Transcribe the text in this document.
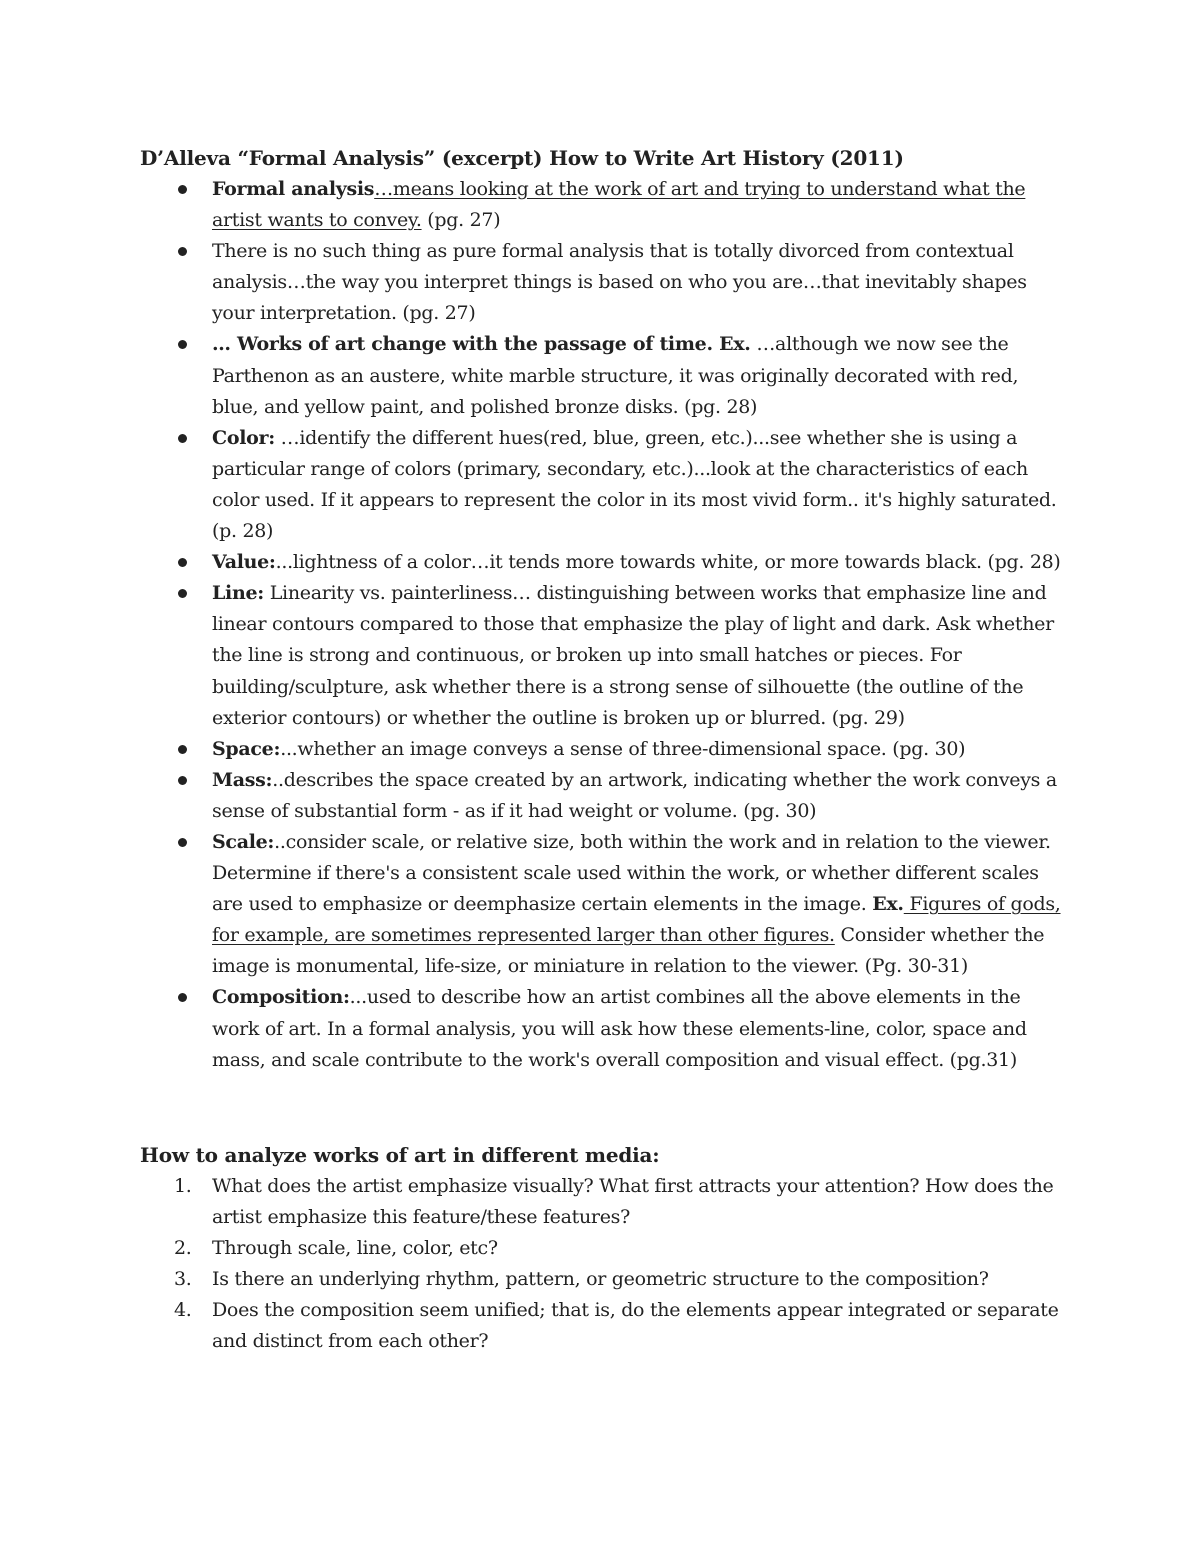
D’Alleva “Formal Analysis” (excerpt) How to Write Art History (2011)
Formal analysis…means looking at the work of art and trying to understand what the artist wants to convey. (pg. 27)
There is no such thing as pure formal analysis that is totally divorced from contextual analysis…the way you interpret things is based on who you are…that inevitably shapes your interpretation. (pg. 27)
… Works of art change with the passage of time. Ex. …although we now see the Parthenon as an austere, white marble structure, it was originally decorated with red, blue, and yellow paint, and polished bronze disks. (pg. 28)
Color: …identify the different hues(red, blue, green, etc.)...see whether she is using a particular range of colors (primary, secondary, etc.)...look at the characteristics of each color used. If it appears to represent the color in its most vivid form.. it's highly saturated. (p. 28)
Value:...lightness of a color…it tends more towards white, or more towards black. (pg. 28)
Line: Linearity vs. painterliness… distinguishing between works that emphasize line and linear contours compared to those that emphasize the play of light and dark. Ask whether the line is strong and continuous, or broken up into small hatches or pieces. For building/sculpture, ask whether there is a strong sense of silhouette (the outline of the exterior contours) or whether the outline is broken up or blurred. (pg. 29)
Space:...whether an image conveys a sense of three-dimensional space. (pg. 30)
Mass:..describes the space created by an artwork, indicating whether the work conveys a sense of substantial form - as if it had weight or volume. (pg. 30)
Scale:..consider scale, or relative size, both within the work and in relation to the viewer. Determine if there's a consistent scale used within the work, or whether different scales are used to emphasize or deemphasize certain elements in the image. Ex. Figures of gods, for example, are sometimes represented larger than other figures. Consider whether the image is monumental, life-size, or miniature in relation to the viewer. (Pg. 30-31)
Composition:...used to describe how an artist combines all the above elements in the work of art. In a formal analysis, you will ask how these elements-line, color, space and mass, and scale contribute to the work's overall composition and visual effect. (pg.31)
How to analyze works of art in different media:
1. What does the artist emphasize visually? What first attracts your attention? How does the artist emphasize this feature/these features?
2. Through scale, line, color, etc?
3. Is there an underlying rhythm, pattern, or geometric structure to the composition?
4. Does the composition seem unified; that is, do the elements appear integrated or separate and distinct from each other?
